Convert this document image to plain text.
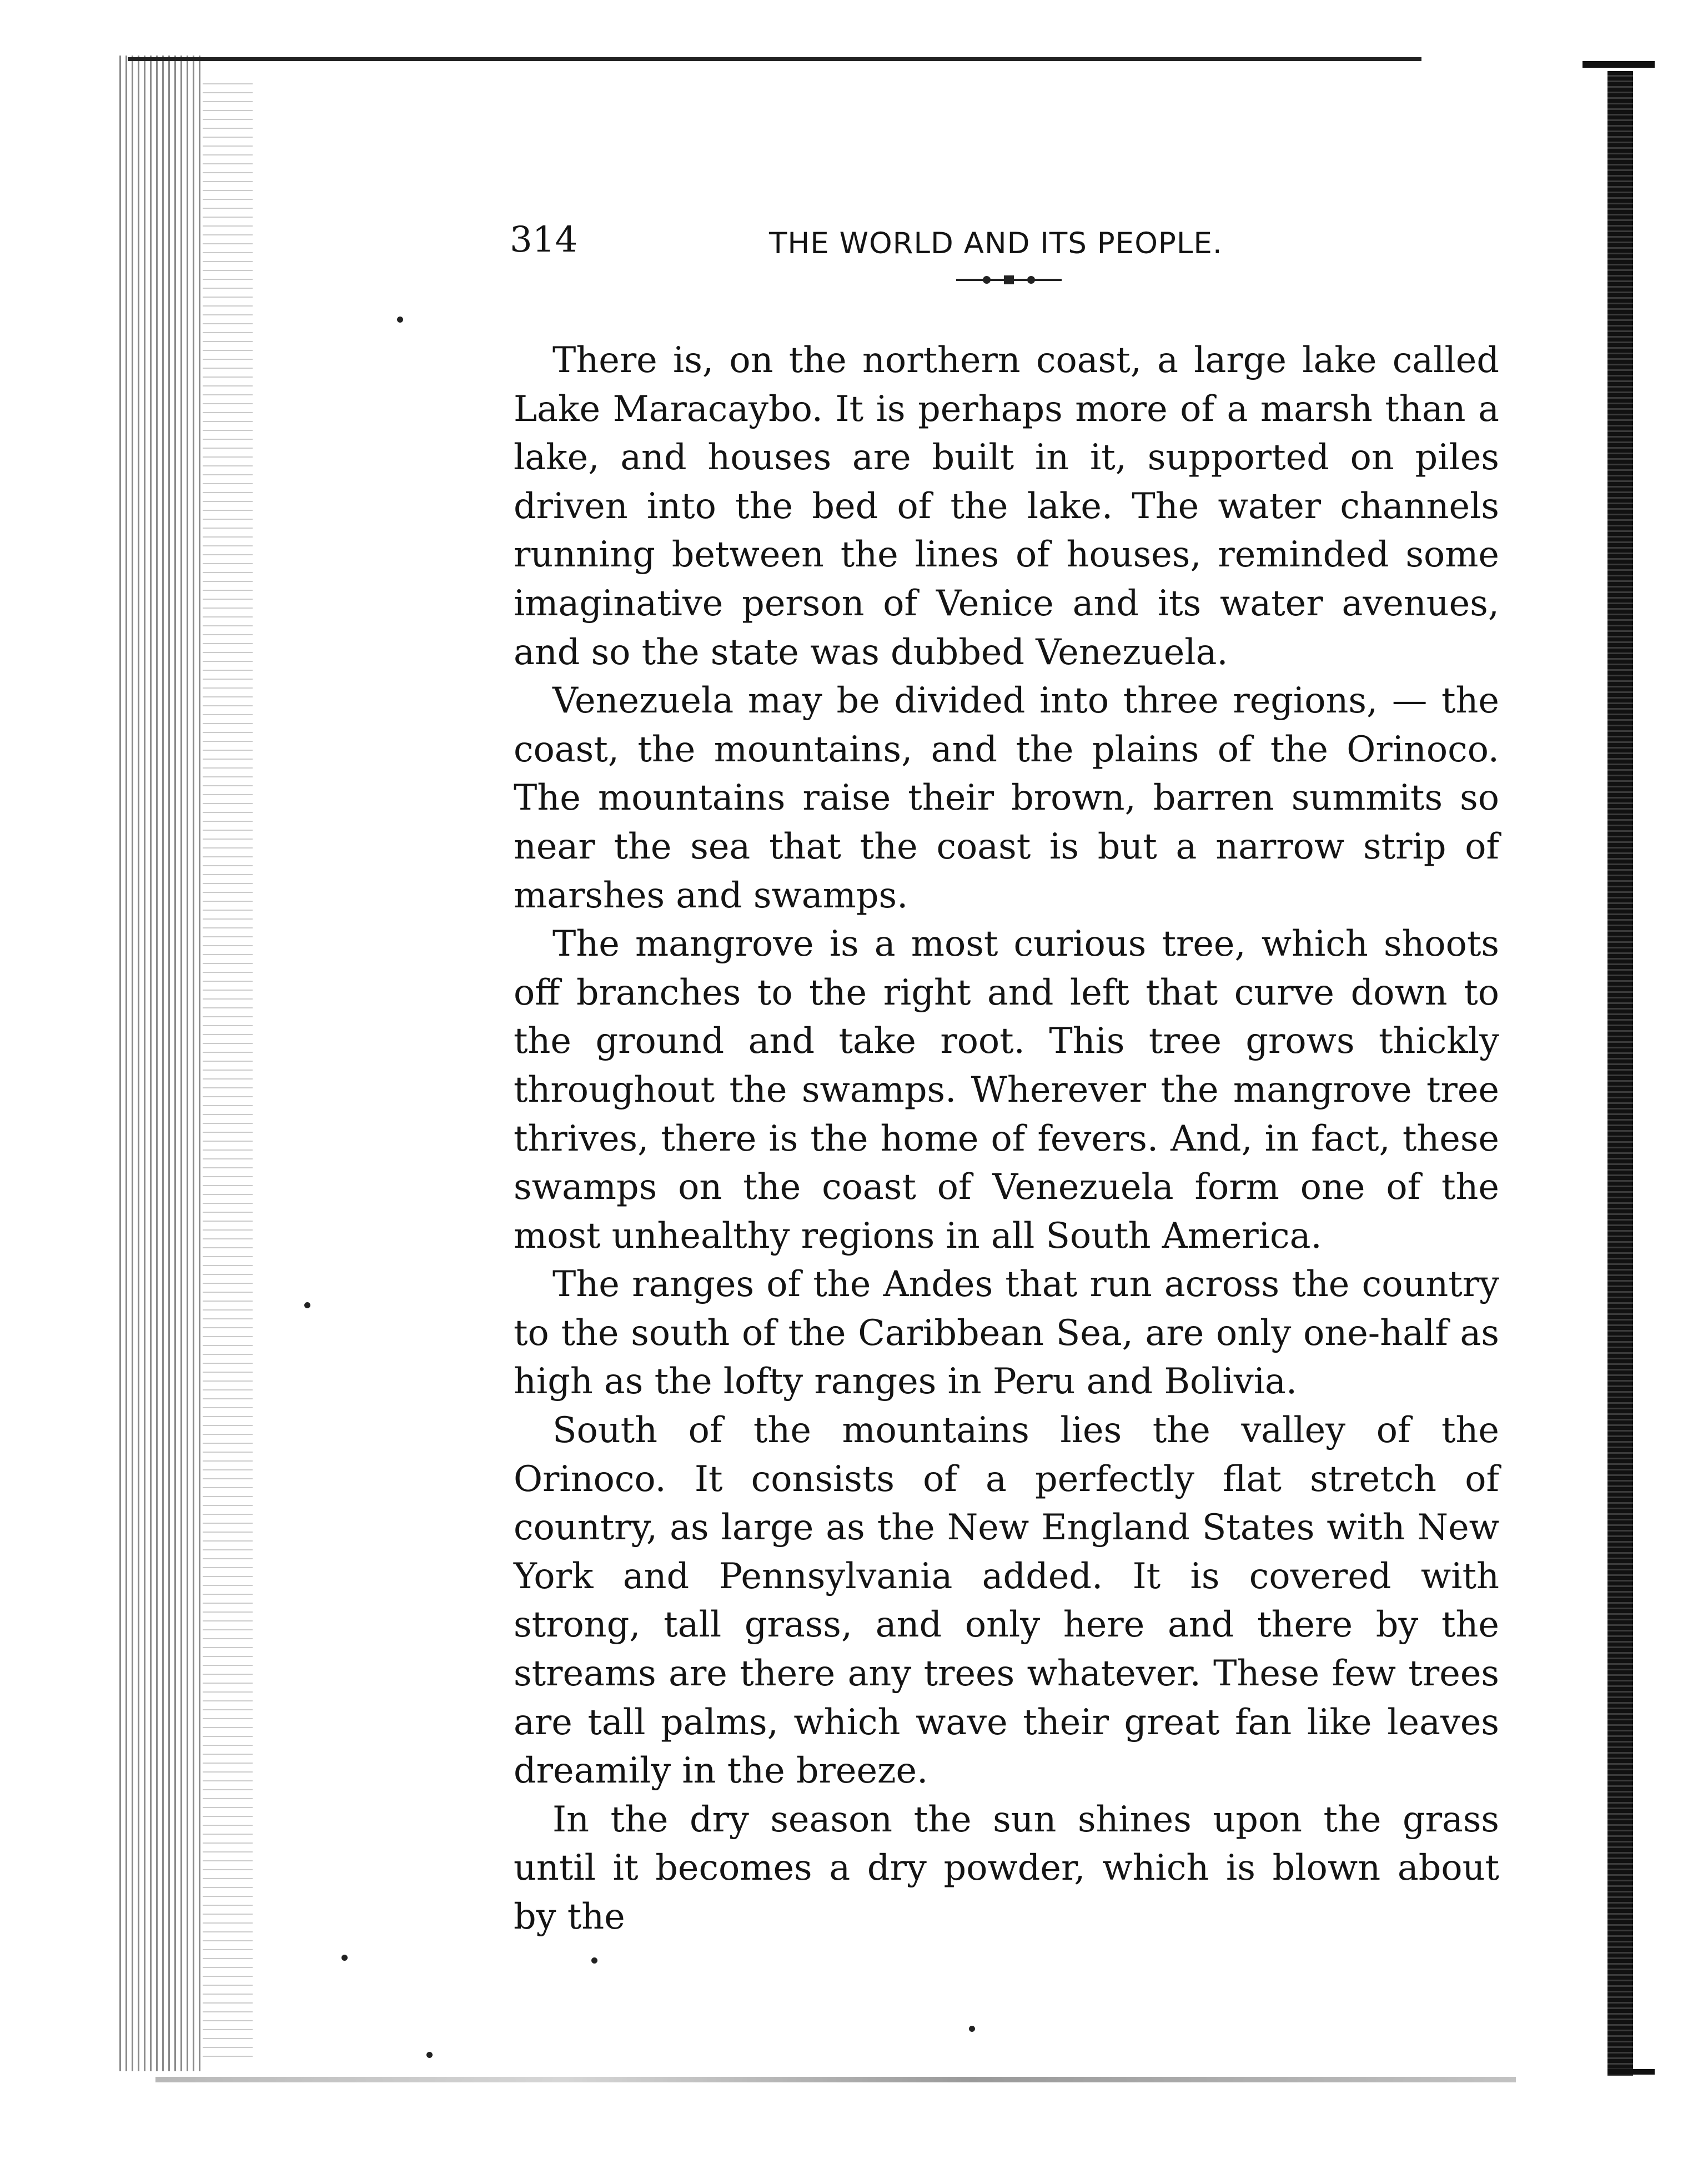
314	THE WORLD AND ITS PEOPLE.

There is, on the northern coast, a large lake called Lake Maracaybo. It is perhaps more of a marsh than a lake, and houses are built in it, supported on piles driven into the bed of the lake. The water channels running between the lines of houses, reminded some imaginative person of Venice and its water avenues, and so the state was dubbed Venezuela.

Venezuela may be divided into three regions, — the coast, the mountains, and the plains of the Orinoco. The mountains raise their brown, barren summits so near the sea that the coast is but a narrow strip of marshes and swamps.

The mangrove is a most curious tree, which shoots off branches to the right and left that curve down to the ground and take root. This tree grows thickly throughout the swamps. Wherever the mangrove tree thrives, there is the home of fevers. And, in fact, these swamps on the coast of Venezuela form one of the most unhealthy regions in all South America.

The ranges of the Andes that run across the country to the south of the Caribbean Sea, are only one-half as high as the lofty ranges in Peru and Bolivia.

South of the mountains lies the valley of the Orinoco. It consists of a perfectly flat stretch of country, as large as the New England States with New York and Pennsylvania added. It is covered with strong, tall grass, and only here and there by the streams are there any trees whatever. These few trees are tall palms, which wave their great fan like leaves dreamily in the breeze.

In the dry season the sun shines upon the grass until it becomes a dry powder, which is blown about by the
